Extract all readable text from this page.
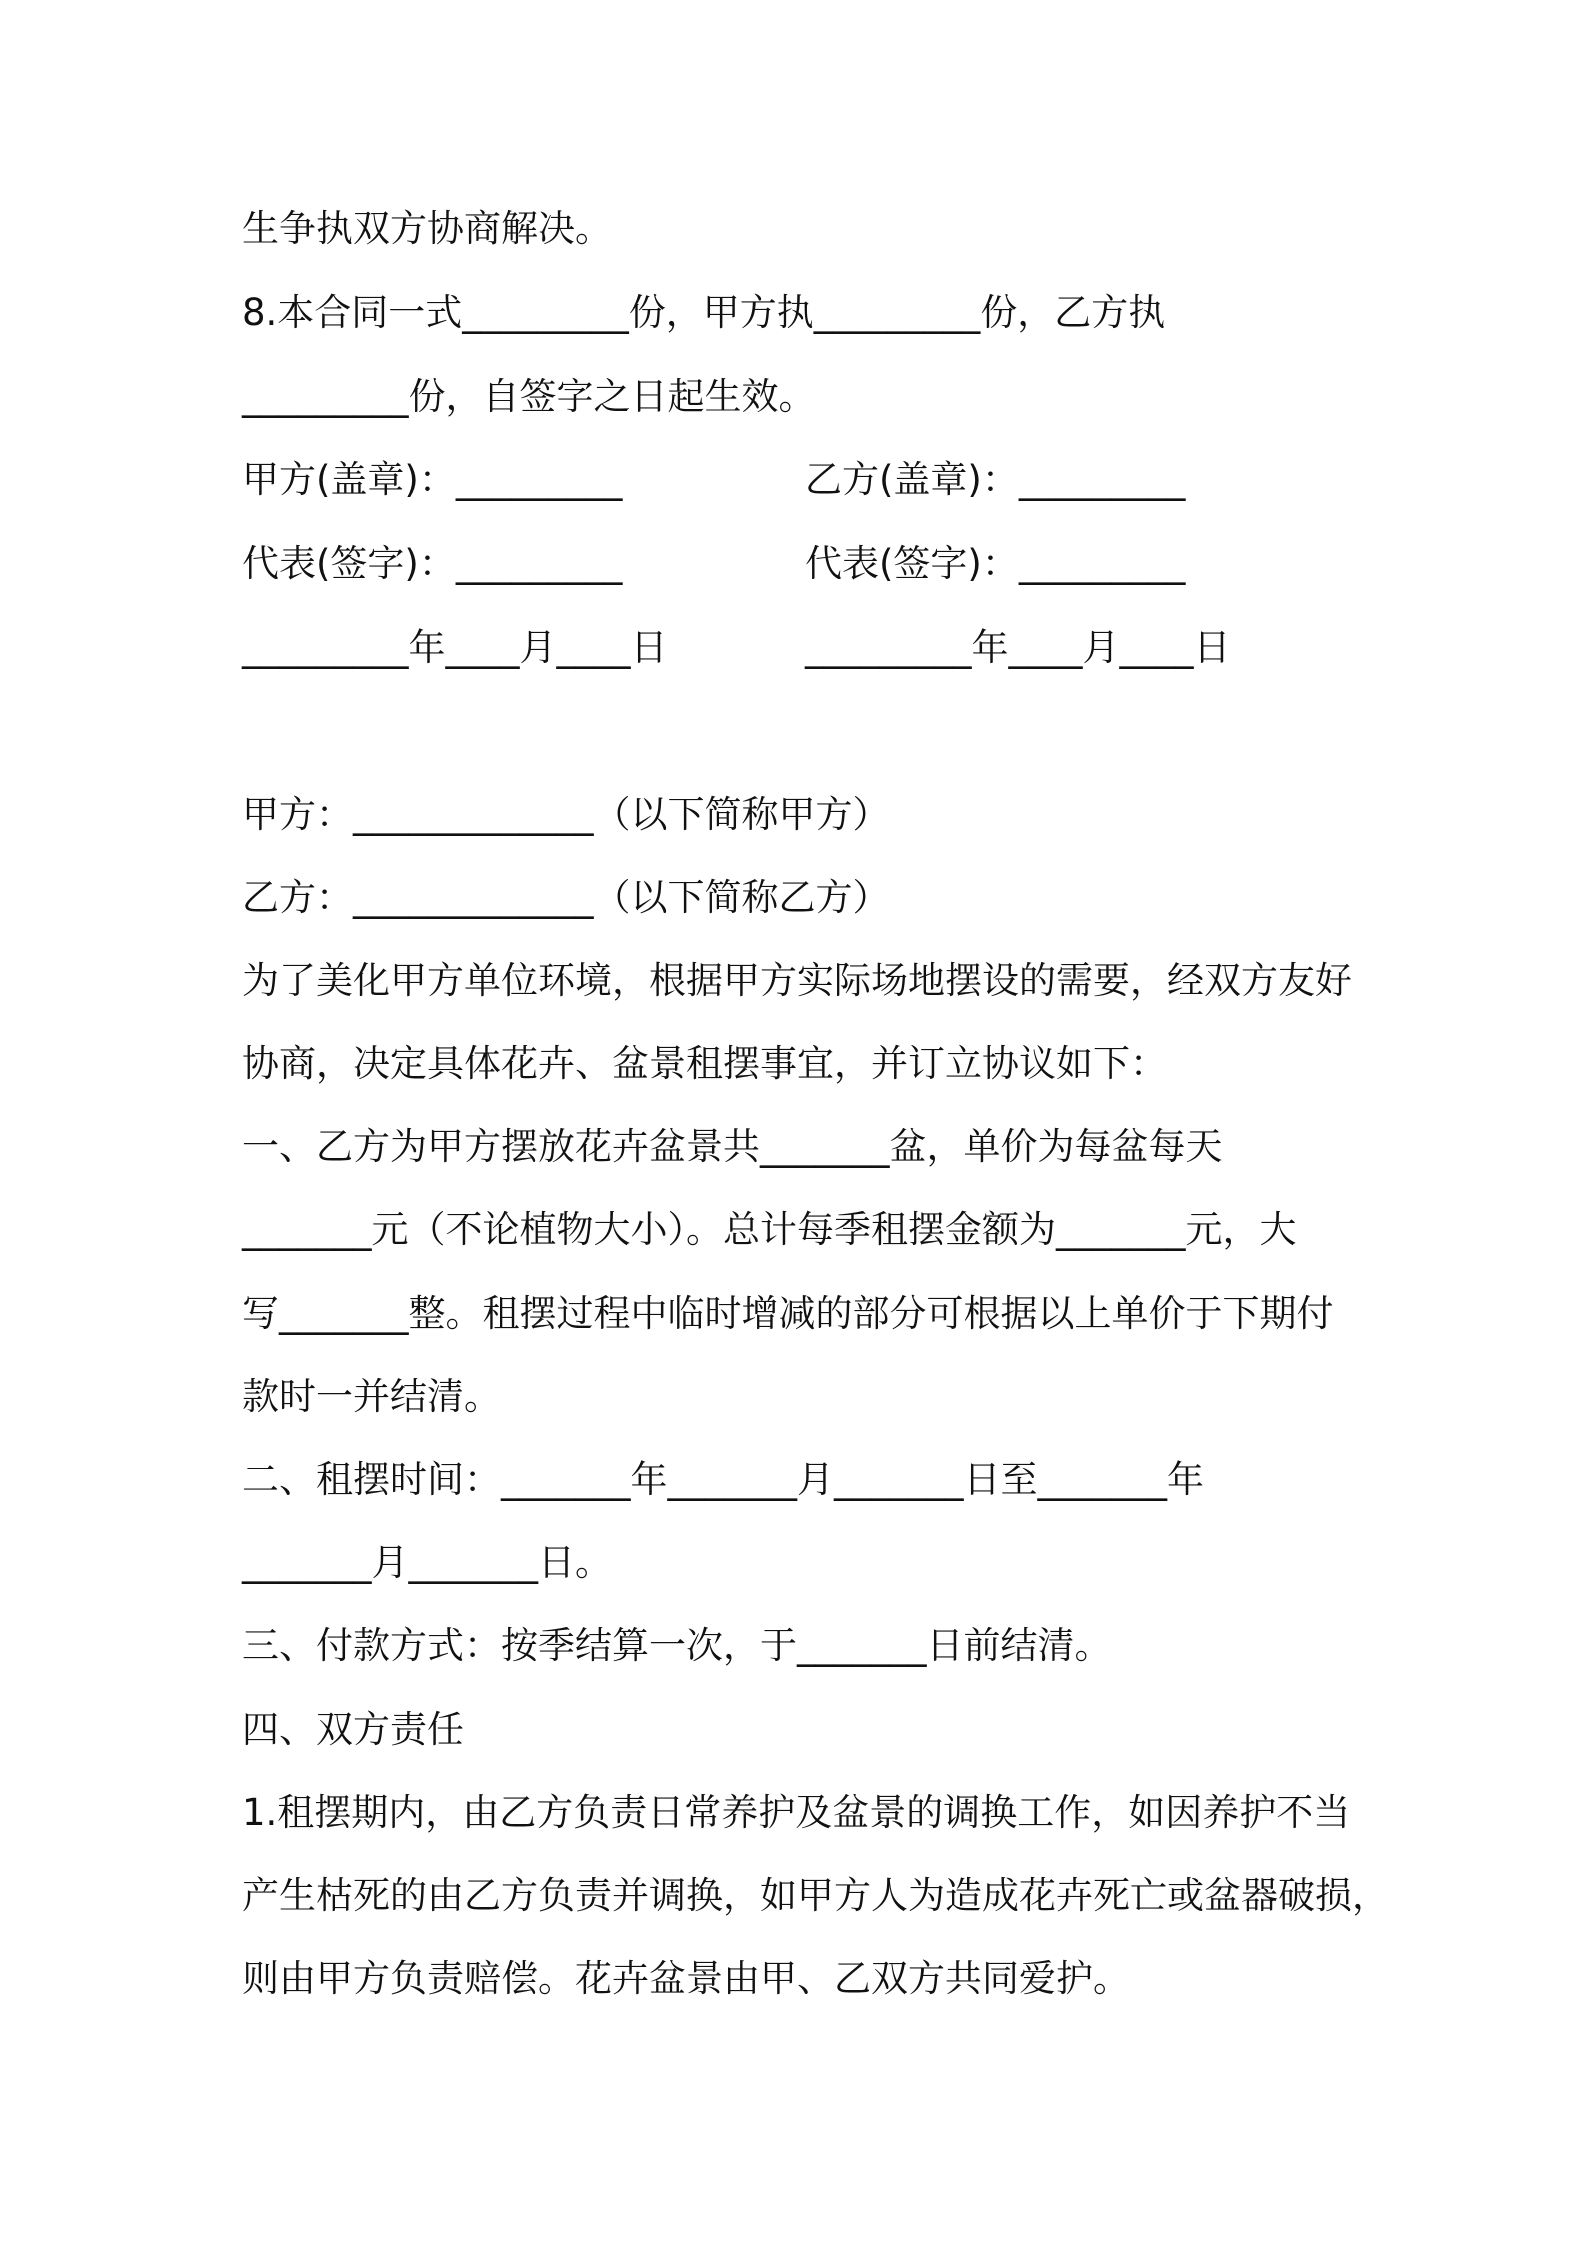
生争执双方协商解决。
8.本合同一式_________份，甲方执_________份，乙方执
_________份，自签字之日起生效。
甲方(盖章)：_________	乙方(盖章)：_________
代表(签字)：_________	代表(签字)：_________
_________年____月____日	_________年____月____日
甲方：_____________（以下简称甲方）
乙方：_____________（以下简称乙方）
为了美化甲方单位环境，根据甲方实际场地摆设的需要，经双方友好
协商，决定具体花卉、盆景租摆事宜，并订立协议如下：
一、乙方为甲方摆放花卉盆景共_______盆，单价为每盆每天
_______元（不论植物大小）。总计每季租摆金额为_______元，大
写_______整。租摆过程中临时增减的部分可根据以上单价于下期付
款时一并结清。
二、租摆时间：_______年_______月_______日至_______年
_______月_______日。
三、付款方式：按季结算一次，于_______日前结清。
四、双方责任
1.租摆期内，由乙方负责日常养护及盆景的调换工作，如因养护不当
产生枯死的由乙方负责并调换，如甲方人为造成花卉死亡或盆器破损，
则由甲方负责赔偿。花卉盆景由甲、乙双方共同爱护。
